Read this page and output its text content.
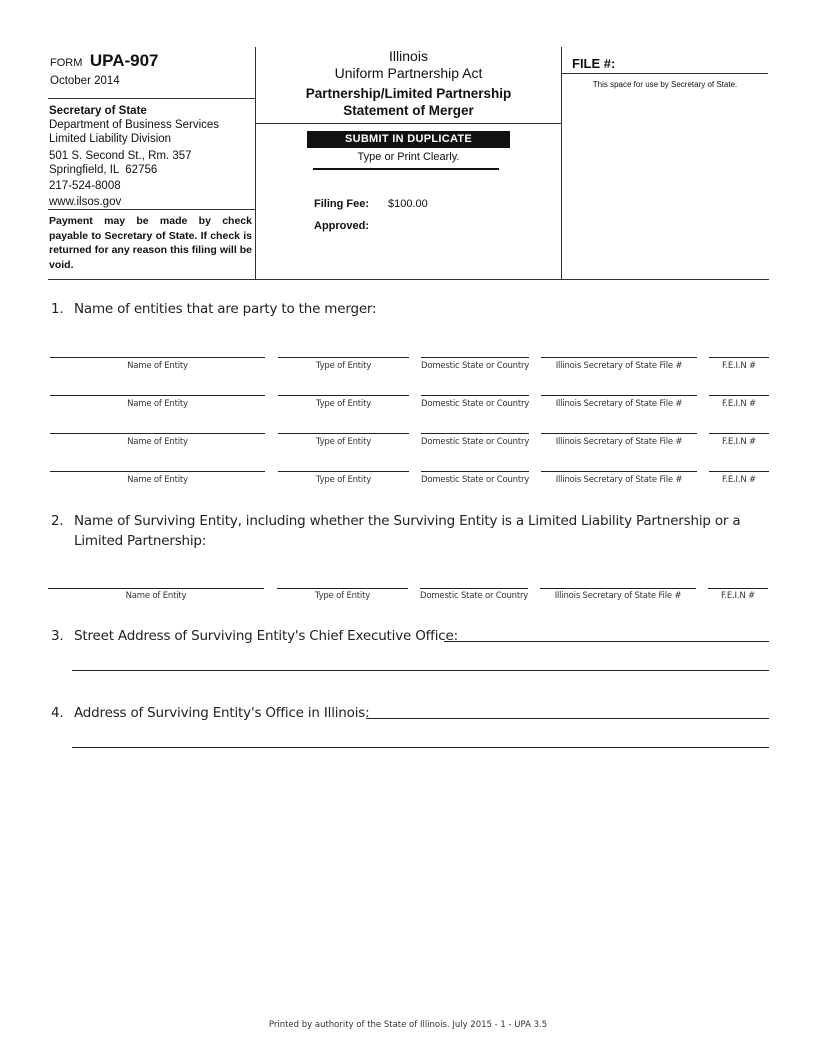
FORM UPA-907
October 2014
Secretary of State
Department of Business Services
Limited Liability Division
501 S. Second St., Rm. 357
Springfield, IL  62756
217-524-8008
www.ilsos.gov
Payment may be made by check payable to Secretary of State. If check is returned for any reason this filing will be void.
Illinois
Uniform Partnership Act
Partnership/Limited Partnership
Statement of Merger
SUBMIT IN DUPLICATE
Type or Print Clearly.
Filing Fee: $100.00
Approved:
FILE #:
This space for use by Secretary of State.
1. Name of entities that are party to the merger:
Name of Entity	Type of Entity	Domestic State or Country	Illinois Secretary of State File #	F.E.I.N #
Name of Entity	Type of Entity	Domestic State or Country	Illinois Secretary of State File #	F.E.I.N #
Name of Entity	Type of Entity	Domestic State or Country	Illinois Secretary of State File #	F.E.I.N #
Name of Entity	Type of Entity	Domestic State or Country	Illinois Secretary of State File #	F.E.I.N #
2. Name of Surviving Entity, including whether the Surviving Entity is a Limited Liability Partnership or a
Limited Partnership:
Name of Entity	Type of Entity	Domestic State or Country	Illinois Secretary of State File #	F.E.I.N #
3. Street Address of Surviving Entity's Chief Executive Office:
4. Address of Surviving Entity's Office in Illinois:
Printed by authority of the State of Illinois. July 2015 - 1 - UPA 3.5
